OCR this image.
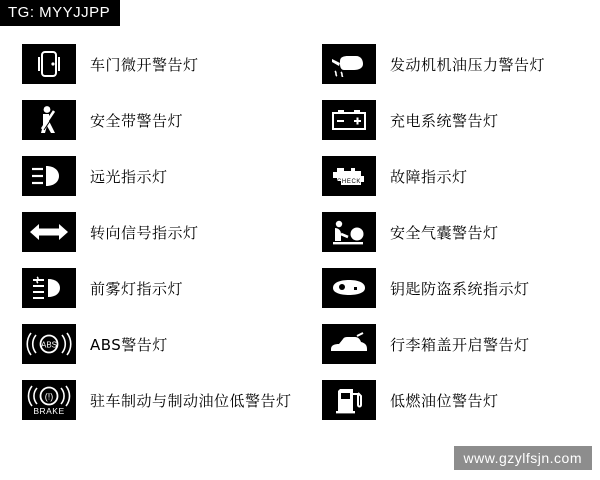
TG: MYYJJPP
车门微开警告灯
安全带警告灯
远光指示灯
转向信号指示灯
前雾灯指示灯
ABS ABS警告灯
(!)
BRAKE
驻车制动与制动油位低警告灯
发动机机油压力警告灯
充电系统警告灯
CHECK 故障指示灯
安全气囊警告灯
钥匙防盗系统指示灯
行李箱盖开启警告灯
低燃油位警告灯
www.gzylfsjn.com
